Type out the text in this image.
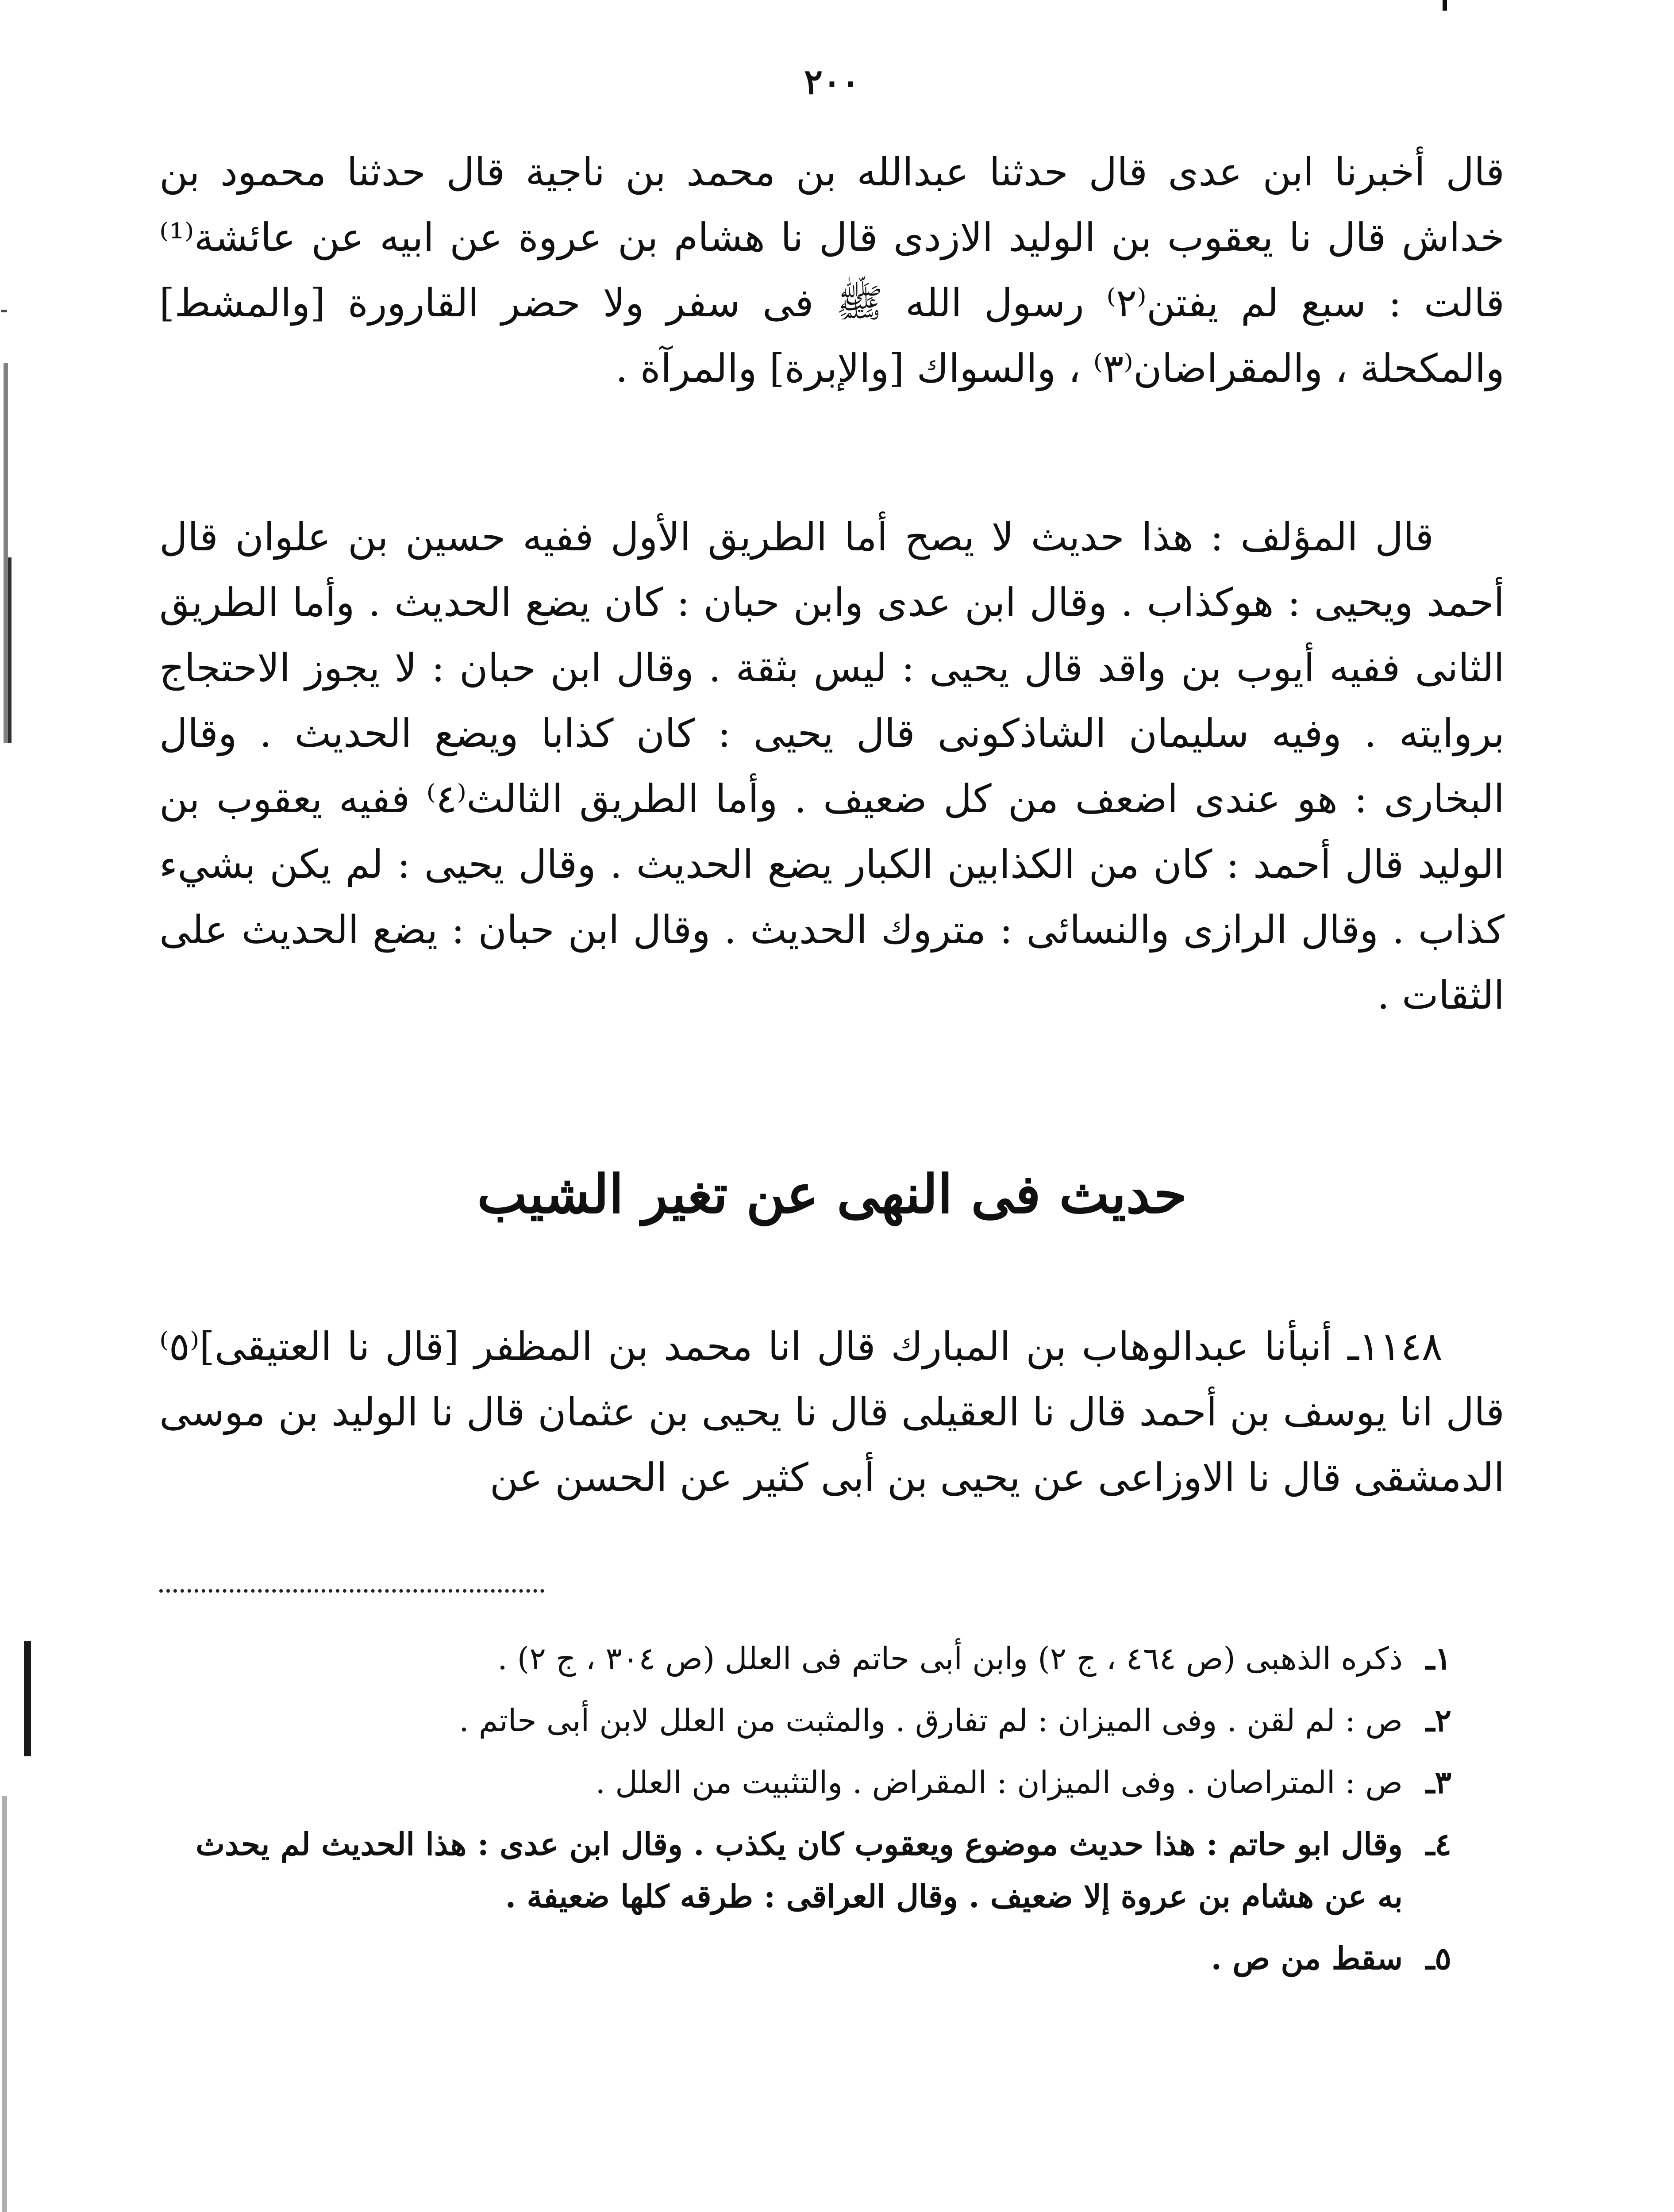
٢٠٠

قال أخبرنا ابن عدى قال حدثنا عبدالله بن محمد بن ناجية قال حدثنا محمود بن خداش قال نا يعقوب بن الوليد الازدى قال نا هشام بن عروة عن ابيه عن عائشة⁽¹⁾ قالت : سبع لم يفتن⁽٢⁾ رسول الله ﷺ فى سفر ولا حضر القارورة [والمشط] والمكحلة ، والمقراضان⁽٣⁾ ، والسواك [والإبرة] والمرآة .

قال المؤلف : هذا حديث لا يصح أما الطريق الأول ففيه حسين بن علوان قال أحمد ويحيى : هوكذاب . وقال ابن عدى وابن حبان : كان يضع الحديث . وأما الطريق الثانى ففيه أيوب بن واقد قال يحيى : ليس بثقة . وقال ابن حبان : لا يجوز الاحتجاج بروايته . وفيه سليمان الشاذكونى قال يحيى : كان كذابا ويضع الحديث . وقال البخارى : هو عندى اضعف من كل ضعيف . وأما الطريق الثالث⁽٤⁾ ففيه يعقوب بن الوليد قال أحمد : كان من الكذابين الكبار يضع الحديث . وقال يحيى : لم يكن بشيء كذاب . وقال الرازى والنسائى : متروك الحديث . وقال ابن حبان : يضع الحديث على الثقات .

حديث فى النهى عن تغير الشيب

١١٤٨ـ أنبأنا عبدالوهاب بن المبارك قال انا محمد بن المظفر [قال نا العتيقى]⁽٥⁾ قال انا يوسف بن أحمد قال نا العقيلى قال نا يحيى بن عثمان قال نا الوليد بن موسى الدمشقى قال نا الاوزاعى عن يحيى بن أبى كثير عن الحسن عن

١ـ
ذكره الذهبى (ص ٤٦٤ ، ج ٢) وابن أبى حاتم فى العلل (ص ٣٠٤ ، ج ٢) .
٢ـ
ص : لم لقن . وفى الميزان : لم تفارق . والمثبت من العلل لابن أبى حاتم .
٣ـ
ص : المتراصان . وفى الميزان : المقراض . والتثبيت من العلل .
٤ـ
وقال ابو حاتم : هذا حديث موضوع ويعقوب كان يكذب . وقال ابن عدى : هذا الحديث لم يحدث به عن هشام بن عروة إلا ضعيف . وقال العراقى : طرقه كلها ضعيفة .
٥ـ
سقط من ص .
